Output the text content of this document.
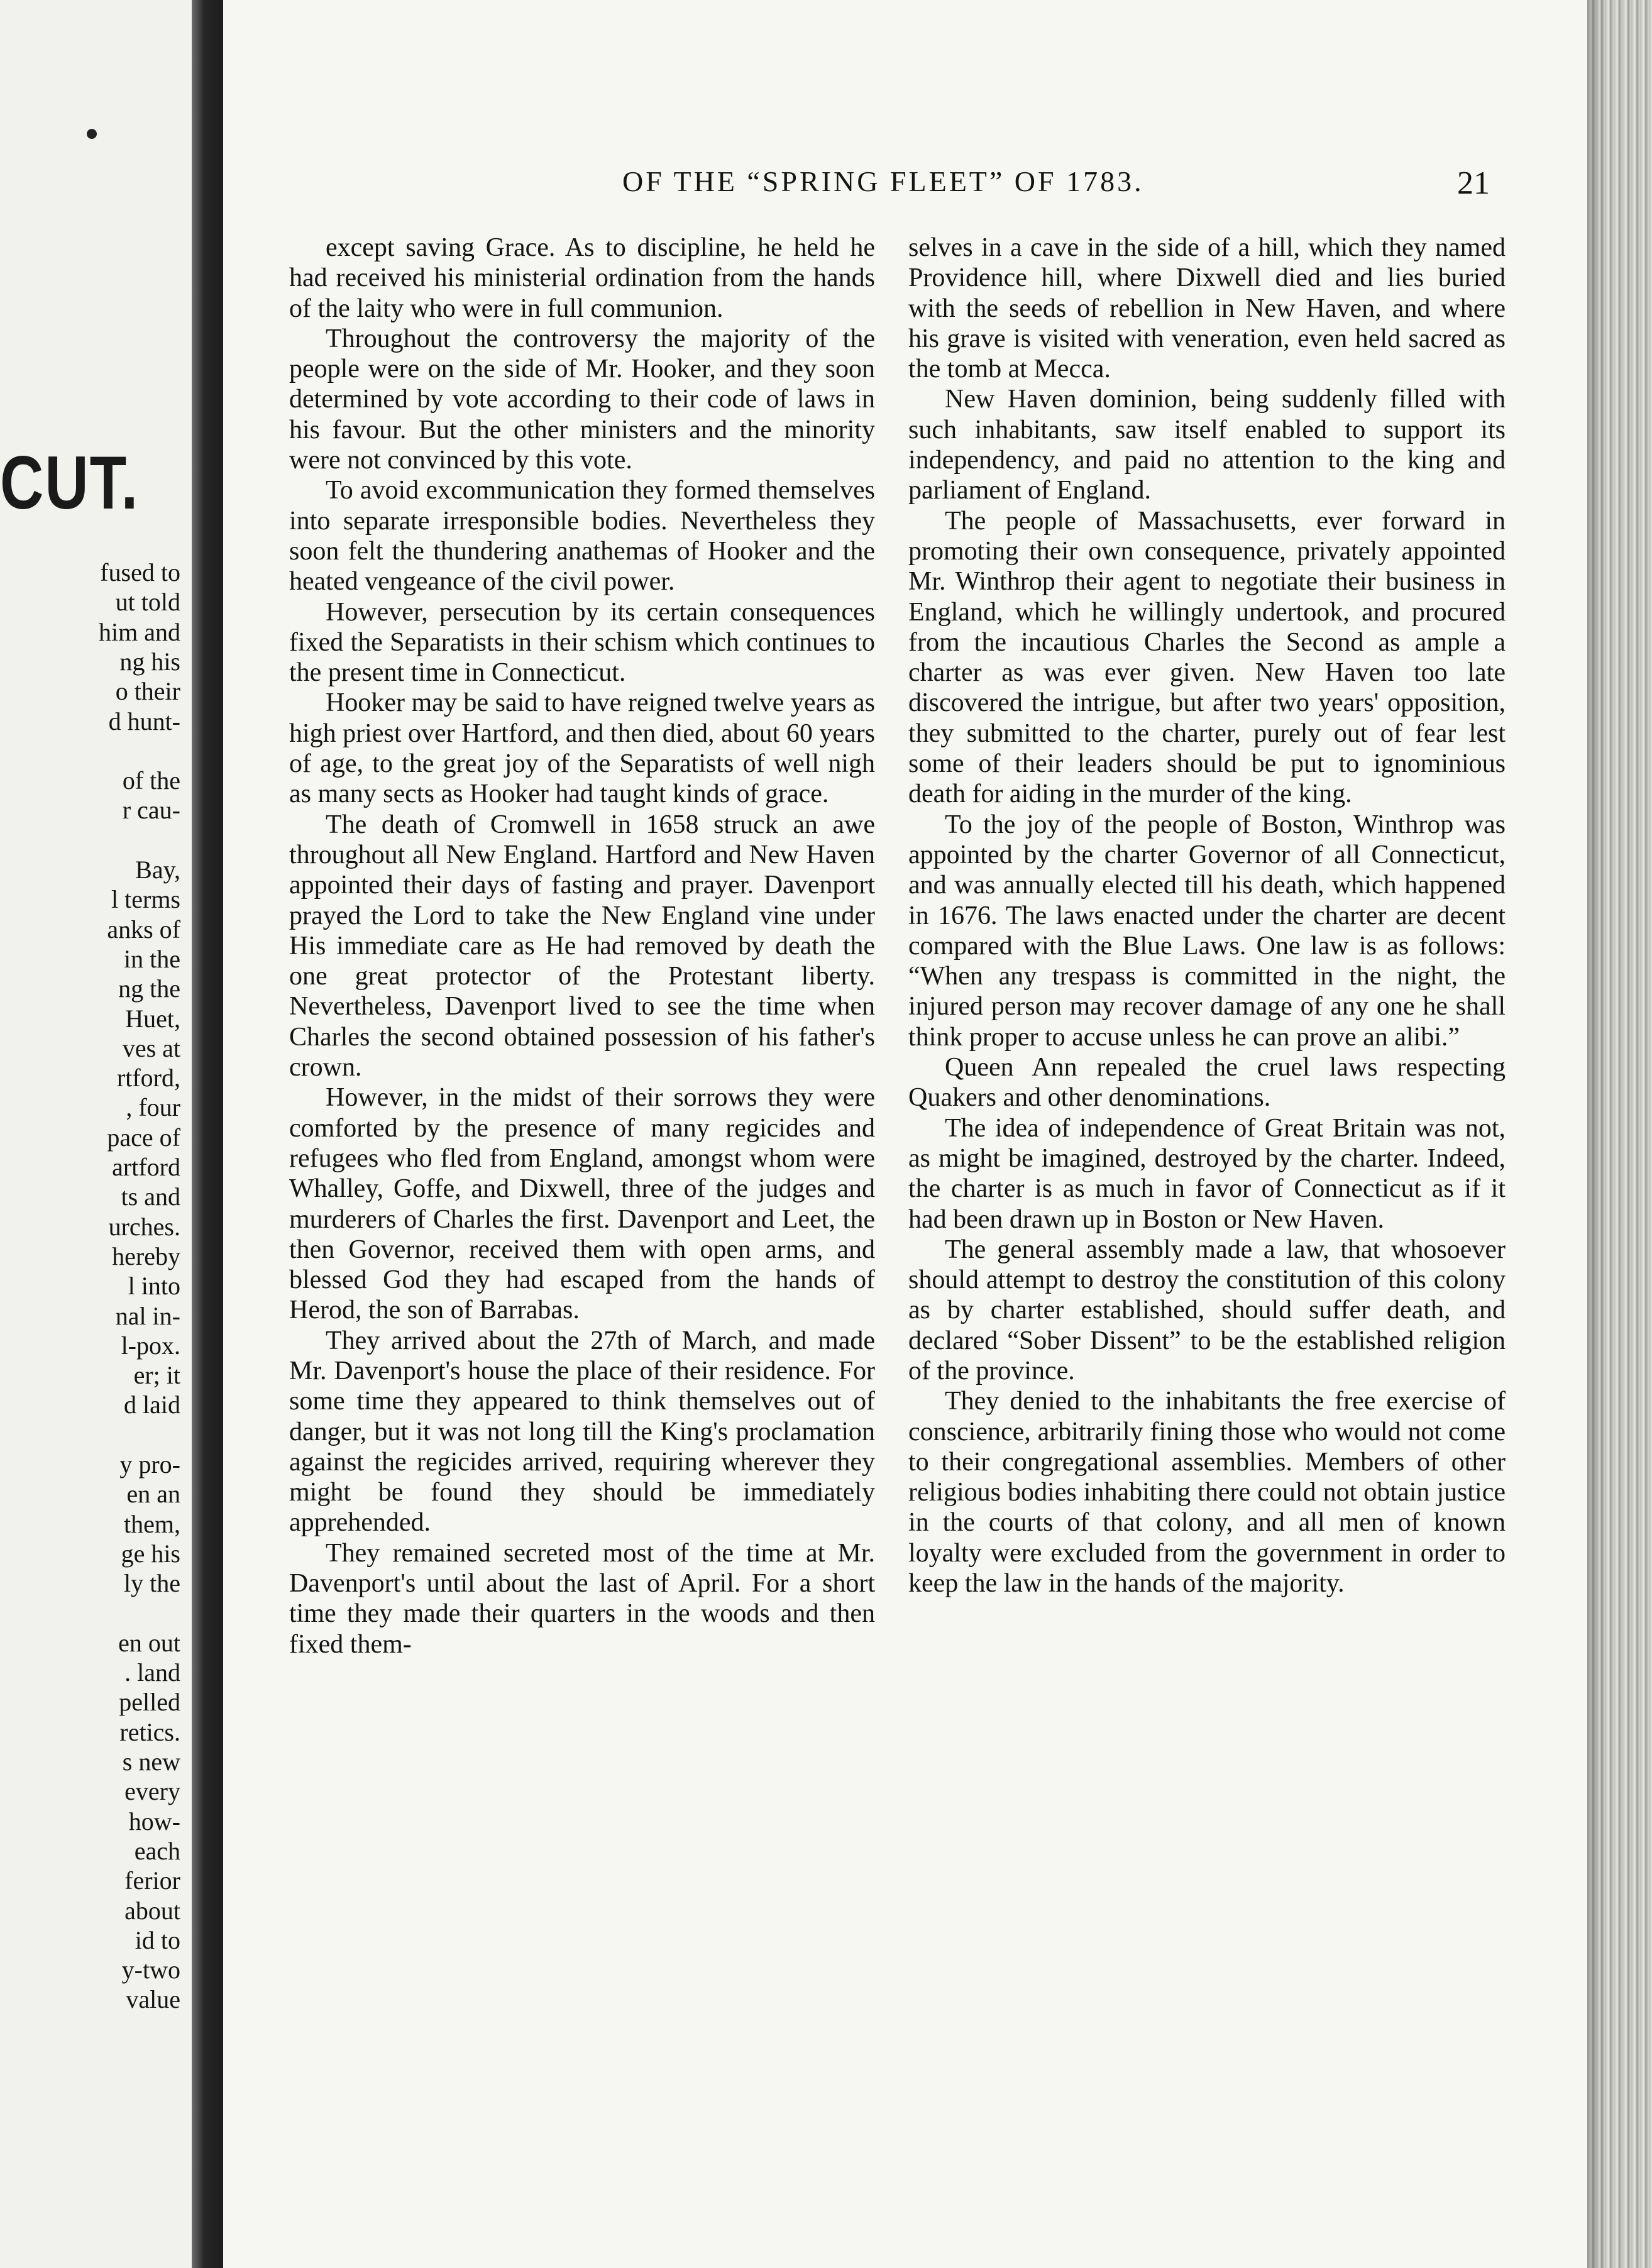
CUT.
fused to
ut told
him and
ng his
o their
d hunt-
of the
r cau-
Bay,
l terms
anks of
in the
ng the
Huet,
ves at
rtford,
, four
pace of
artford
ts and
urches.
hereby
l into
nal in-
l-pox.
er; it
d laid
y pro-
en an
them,
ge his
ly the
en out
. land
pelled
retics.
s new
every
how-
each
ferior
about
id to
y-two
value
OF THE “SPRING FLEET” OF 1783.	21

except saving Grace. As to discipline, he held he had received his ministerial ordination from the hands of the laity who were in full communion.

Throughout the controversy the majority of the people were on the side of Mr. Hooker, and they soon determined by vote according to their code of laws in his favour. But the other ministers and the minority were not convinced by this vote.

To avoid excommunication they formed themselves into separate irresponsible bodies. Nevertheless they soon felt the thundering anathemas of Hooker and the heated vengeance of the civil power.

However, persecution by its certain consequences fixed the Separatists in their schism which continues to the present time in Connecticut.

Hooker may be said to have reigned twelve years as high priest over Hartford, and then died, about 60 years of age, to the great joy of the Separatists of well nigh as many sects as Hooker had taught kinds of grace.

The death of Cromwell in 1658 struck an awe throughout all New England. Hartford and New Haven appointed their days of fasting and prayer. Davenport prayed the Lord to take the New England vine under His immediate care as He had removed by death the one great protector of the Protestant liberty. Nevertheless, Davenport lived to see the time when Charles the second obtained possession of his father's crown.

However, in the midst of their sorrows they were comforted by the presence of many regicides and refugees who fled from England, amongst whom were Whalley, Goffe, and Dixwell, three of the judges and murderers of Charles the first. Davenport and Leet, the then Governor, received them with open arms, and blessed God they had escaped from the hands of Herod, the son of Barrabas.

They arrived about the 27th of March, and made Mr. Davenport's house the place of their residence. For some time they appeared to think themselves out of danger, but it was not long till the King's proclamation against the regicides arrived, requiring wherever they might be found they should be immediately apprehended.

They remained secreted most of the time at Mr. Davenport's until about the last of April. For a short time they made their quarters in the woods and then fixed them-

selves in a cave in the side of a hill, which they named Providence hill, where Dixwell died and lies buried with the seeds of rebellion in New Haven, and where his grave is visited with veneration, even held sacred as the tomb at Mecca.

New Haven dominion, being suddenly filled with such inhabitants, saw itself enabled to support its independency, and paid no attention to the king and parliament of England.

The people of Massachusetts, ever forward in promoting their own consequence, privately appointed Mr. Winthrop their agent to negotiate their business in England, which he willingly undertook, and procured from the incautious Charles the Second as ample a charter as was ever given. New Haven too late discovered the intrigue, but after two years' opposition, they submitted to the charter, purely out of fear lest some of their leaders should be put to ignominious death for aiding in the murder of the king.

To the joy of the people of Boston, Winthrop was appointed by the charter Governor of all Connecticut, and was annually elected till his death, which happened in 1676. The laws enacted under the charter are decent compared with the Blue Laws. One law is as follows: “When any trespass is committed in the night, the injured person may recover damage of any one he shall think proper to accuse unless he can prove an alibi.”

Queen Ann repealed the cruel laws respecting Quakers and other denominations.

The idea of independence of Great Britain was not, as might be imagined, destroyed by the charter. Indeed, the charter is as much in favor of Connecticut as if it had been drawn up in Boston or New Haven.

The general assembly made a law, that whosoever should attempt to destroy the constitution of this colony as by charter established, should suffer death, and declared “Sober Dissent” to be the established religion of the province.

They denied to the inhabitants the free exercise of conscience, arbitrarily fining those who would not come to their congregational assemblies. Members of other religious bodies inhabiting there could not obtain justice in the courts of that colony, and all men of known loyalty were excluded from the government in order to keep the law in the hands of the majority.
